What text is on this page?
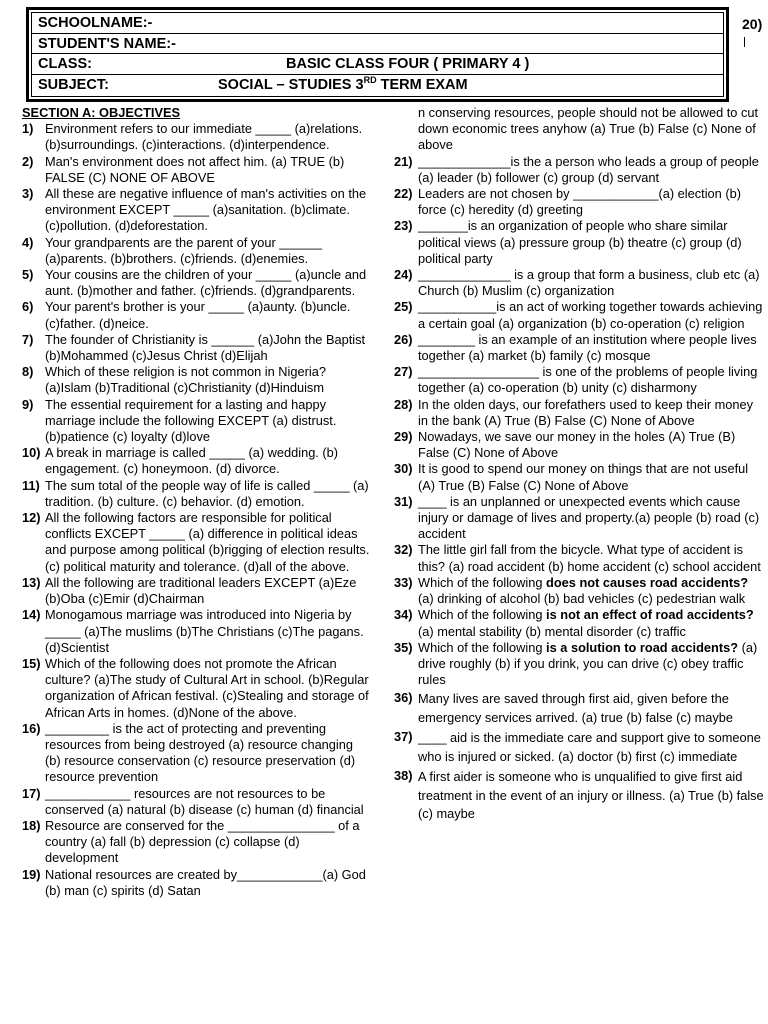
SCHOOLNAME:-
STUDENT'S NAME:-
CLASS:	BASIC CLASS FOUR ( PRIMARY 4 )
SUBJECT:	SOCIAL – STUDIES 3RD TERM EXAM
20)
SECTION A: OBJECTIVES
1) Environment refers to our immediate _____ (a)relations. (b)surroundings. (c)interactions. (d)interpendence.
2) Man's environment does not affect him. (a) TRUE (b) FALSE (C) NONE OF ABOVE
3) All these are negative influence of man's activities on the environment EXCEPT _____ (a)sanitation. (b)climate. (c)pollution. (d)deforestation.
4) Your grandparents are the parent of your ______ (a)parents. (b)brothers. (c)friends. (d)enemies.
5) Your cousins are the children of your _____ (a)uncle and aunt. (b)mother and father. (c)friends. (d)grandparents.
6) Your parent's brother is your _____ (a)aunty. (b)uncle. (c)father. (d)neice.
7) The founder of Christianity is ______ (a)John the Baptist (b)Mohammed (c)Jesus Christ (d)Elijah
8) Which of these religion is not common in Nigeria? (a)Islam (b)Traditional (c)Christianity (d)Hinduism
9) The essential requirement for a lasting and happy marriage include the following EXCEPT (a) distrust. (b)patience (c) loyalty (d)love
10) A break in marriage is called _____ (a) wedding. (b) engagement. (c) honeymoon. (d) divorce.
11) The sum total of the people way of life is called _____ (a) tradition. (b) culture. (c) behavior. (d) emotion.
12) All the following factors are responsible for political conflicts EXCEPT _____ (a) difference in political ideas and purpose among political (b)rigging of election results. (c) political maturity and tolerance. (d)all of the above.
13) All the following are traditional leaders EXCEPT (a)Eze (b)Oba (c)Emir (d)Chairman
14) Monogamous marriage was introduced into Nigeria by _____ (a)The muslims (b)The Christians (c)The pagans. (d)Scientist
15) Which of the following does not promote the African culture? (a)The study of Cultural Art in school. (b)Regular organization of African festival. (c)Stealing and storage of African Arts in homes. (d)None of the above.
16) _________ is the act of protecting and preventing resources from being destroyed (a) resource changing (b) resource conservation (c) resource preservation (d) resource prevention
17) ____________ resources are not resources to be conserved (a) natural (b) disease (c) human (d) financial
18) Resource are conserved for the _______________ of a country (a) fall (b) depression (c) collapse (d) development
19) National resources are created by____________(a) God (b) man (c) spirits (d) Satan
n conserving resources, people should not be allowed to cut down economic trees anyhow (a) True (b) False (c) None of above
21) _____________is the a person who leads a group of people (a) leader (b) follower (c) group (d) servant
22) Leaders are not chosen by ____________(a) election (b) force (c) heredity (d) greeting
23) _______is an organization of people who share similar political views (a) pressure group (b) theatre (c) group (d) political party
24) _____________ is a group that form a business, club etc (a) Church (b) Muslim (c) organization
25) ___________is an act of working together towards achieving a certain goal (a) organization (b) co-operation (c) religion
26) ________ is an example of an institution where people lives together (a) market (b) family (c) mosque
27) _________________ is one of the problems of people living together (a) co-operation (b) unity (c) disharmony
28) In the olden days, our forefathers used to keep their money in the bank (A) True (B) False (C) None of Above
29) Nowadays, we save our money in the holes (A) True (B) False (C) None of Above
30) It is good to spend our money on things that are not useful (A) True (B) False (C) None of Above
31) ____ is an unplanned or unexpected events which cause injury or damage of lives and property.(a) people (b) road (c) accident
32) The little girl fall from the bicycle. What type of accident is this? (a) road accident (b) home accident (c) school accident
33) Which of the following does not causes road accidents? (a) drinking of alcohol (b) bad vehicles (c) pedestrian walk
34) Which of the following is not an effect of road accidents? (a) mental stability (b) mental disorder (c) traffic
35) Which of the following is a solution to road accidents? (a) drive roughly (b) if you drink, you can drive (c) obey traffic rules
36) Many lives are saved through first aid, given before the emergency services arrived. (a) true (b) false (c) maybe
37) ____ aid is the immediate care and support give to someone who is injured or sicked. (a) doctor (b) first (c) immediate
38) A first aider is someone who is unqualified to give first aid treatment in the event of an injury or illness. (a) True (b) false (c) maybe
